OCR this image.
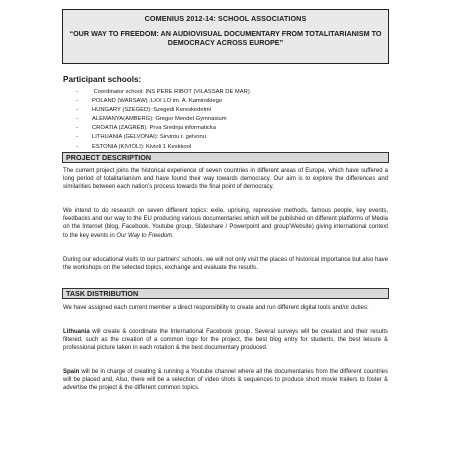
COMENIUS 2012-14: SCHOOL ASSOCIATIONS
“OUR WAY TO FREEDOM: AN AUDIOVISUAL DOCUMENTARY FROM TOTALITARIANISM TO DEMOCRACY ACROSS EUROPE”
Participant schools:
- Coordinator school: INS PERE RIBOT (VILASSAR DE MAR)
- POLAND (WARSAW) :LXX LO im. A. Kaminskiego
- HUNGARY (SZEGED): Szegedi Kereskedelmi
- ALEMANYA(AMBERG): Gregor Mendel Gymnasium
- CROATIA (ZAGREB): Prva Srednja informaticka
- LITHUANIA (GELVONAI): Sirvintu r. gelvonu
- ESTONIA (KIVIOLI): Kivioli 1 Keskkool
PROJECT DESCRIPTION

The current project joins the historical experience of seven countries in different areas of Europe, which have suffered a long period of totalitarianism and have found their way towards democracy. Our aim is to explore the differences and similarities between each nation’s process towards the final point of democracy.

We intend to do research on seven different topics: exile, uprising, repressive methods, famous people, key events, feedbacks and our way to the EU producing various documentaries which will be published on different platforms of Media on the Internet (blog, Facebook, Youtube group, Slideshare / Powerpoint and group’Website) giving international context to the key events in Our Way to Freedom.

During our educational visits to our partners' schools, we will not only visit the places of historical importance but also have the workshops on the selected topics, exchange and evaluate the results.

TASK DISTRIBUTION

We have assigned each current member a direct responsibility to create and run different digital tools and/or duties:

Lithuania will create & coordinate the International Facebook group. Several surveys will be created and their results filtered, such as the creation of a common logo for the project, the best blog entry for students, the best leisure & professional picture taken in each rotation & the best documentary produced.

Spain will be in charge of creating & running a Youtube channel where all the documentaries from the different countries will be placed and, Also, there will be a selection of video shots & sequences to produce short movie trailers to foster & advertise the project & the different common topics.
